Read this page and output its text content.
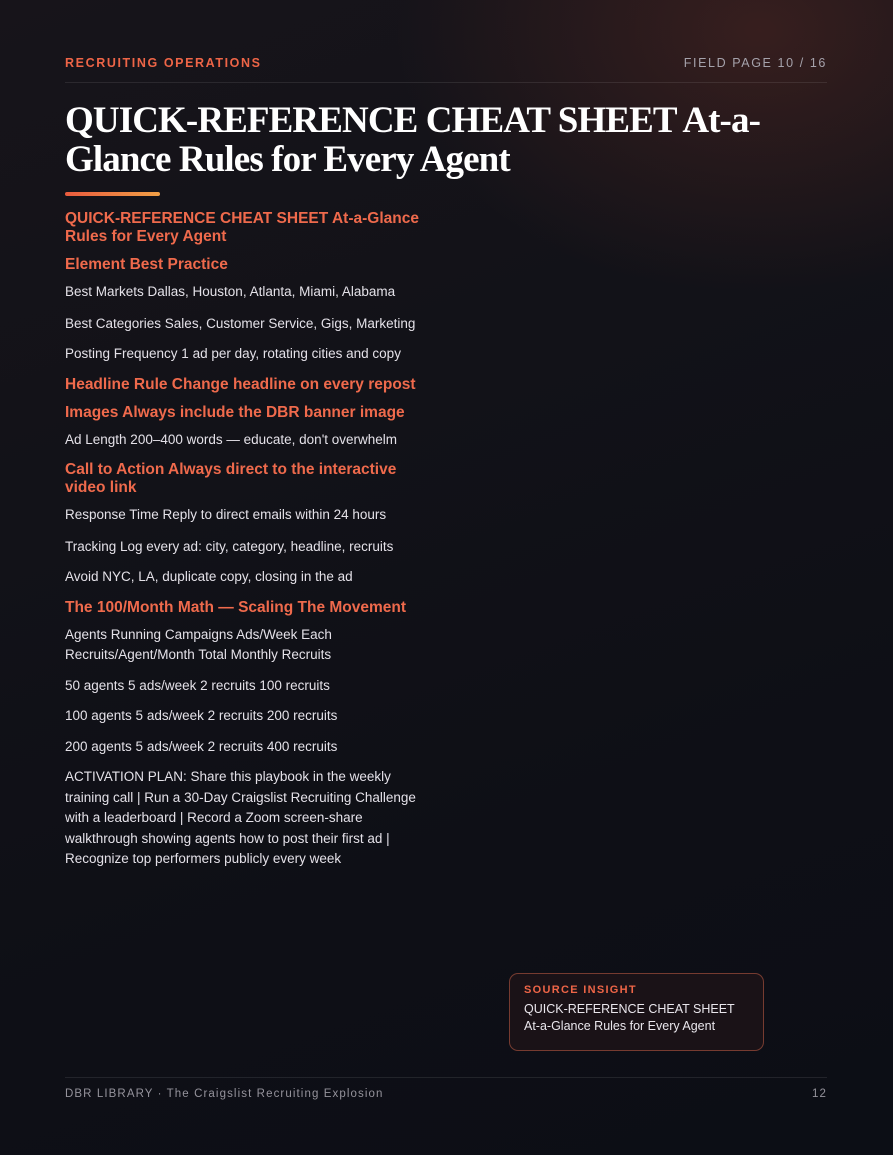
RECRUITING OPERATIONS	FIELD PAGE 10 / 16
QUICK-REFERENCE CHEAT SHEET At-a-Glance Rules for Every Agent
QUICK-REFERENCE CHEAT SHEET At-a-Glance Rules for Every Agent
Element Best Practice

Best Markets Dallas, Houston, Atlanta, Miami, Alabama

Best Categories Sales, Customer Service, Gigs, Marketing

Posting Frequency 1 ad per day, rotating cities and copy

Headline Rule Change headline on every repost
Images Always include the DBR banner image

Ad Length 200–400 words — educate, don't overwhelm

Call to Action Always direct to the interactive video link

Response Time Reply to direct emails within 24 hours

Tracking Log every ad: city, category, headline, recruits

Avoid NYC, LA, duplicate copy, closing in the ad

The 100/Month Math — Scaling The Movement

Agents Running Campaigns Ads/Week Each Recruits/Agent/Month Total Monthly Recruits

50 agents 5 ads/week 2 recruits 100 recruits

100 agents 5 ads/week 2 recruits 200 recruits

200 agents 5 ads/week 2 recruits 400 recruits

ACTIVATION PLAN: Share this playbook in the weekly training call | Run a 30-Day Craigslist Recruiting Challenge with a leaderboard | Record a Zoom screen-share walkthrough showing agents how to post their first ad | Recognize top performers publicly every week

SOURCE INSIGHT
QUICK-REFERENCE CHEAT SHEET At-a-Glance Rules for Every Agent
DBR LIBRARY · The Craigslist Recruiting Explosion	12
